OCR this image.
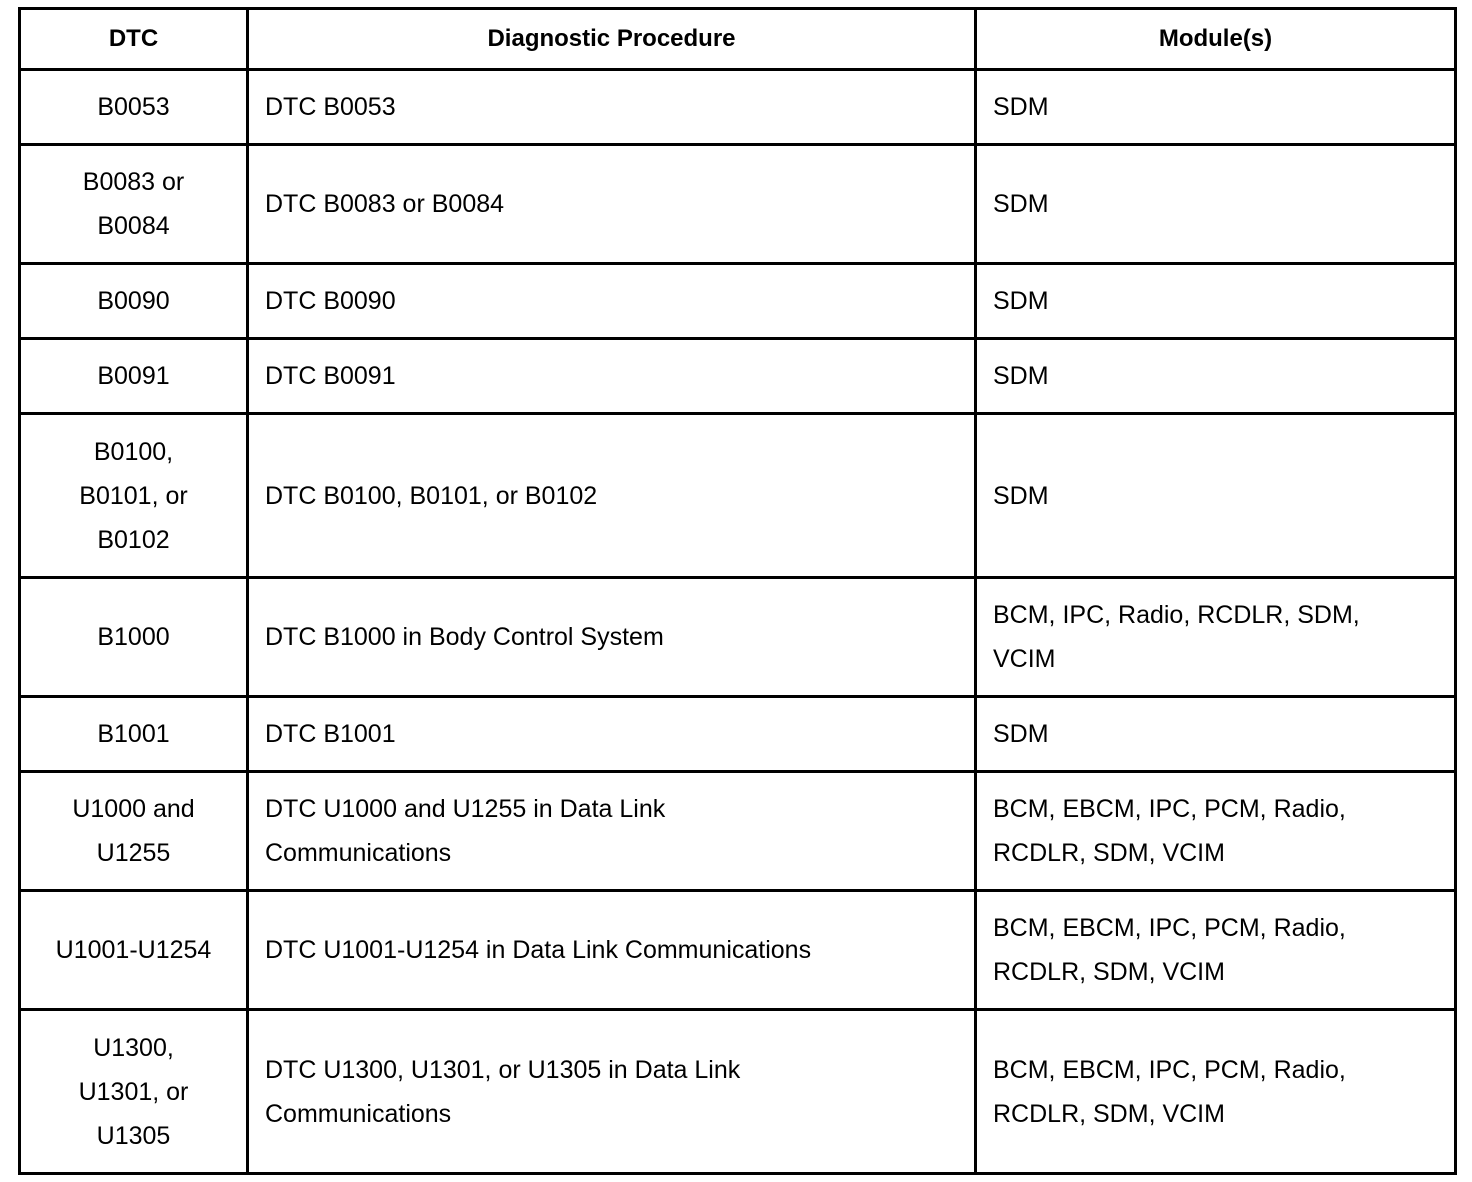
DTC	Diagnostic Procedure	Module(s)

B0053	DTC B0053	SDM

B0083 or
B0084	DTC B0083 or B0084	SDM

B0090	DTC B0090	SDM

B0091	DTC B0091	SDM

B0100,
B0101, or
B0102	DTC B0100, B0101, or B0102	SDM

B1000	DTC B1000 in Body Control System	BCM, IPC, Radio, RCDLR, SDM,
VCIM

B1001	DTC B1001	SDM

U1000 and
U1255	DTC U1000 and U1255 in Data Link
Communications	BCM, EBCM, IPC, PCM, Radio,
RCDLR, SDM, VCIM

U1001-U1254	DTC U1001-U1254 in Data Link Communications	BCM, EBCM, IPC, PCM, Radio,
RCDLR, SDM, VCIM

U1300,
U1301, or
U1305	DTC U1300, U1301, or U1305 in Data Link
Communications	BCM, EBCM, IPC, PCM, Radio,
RCDLR, SDM, VCIM
